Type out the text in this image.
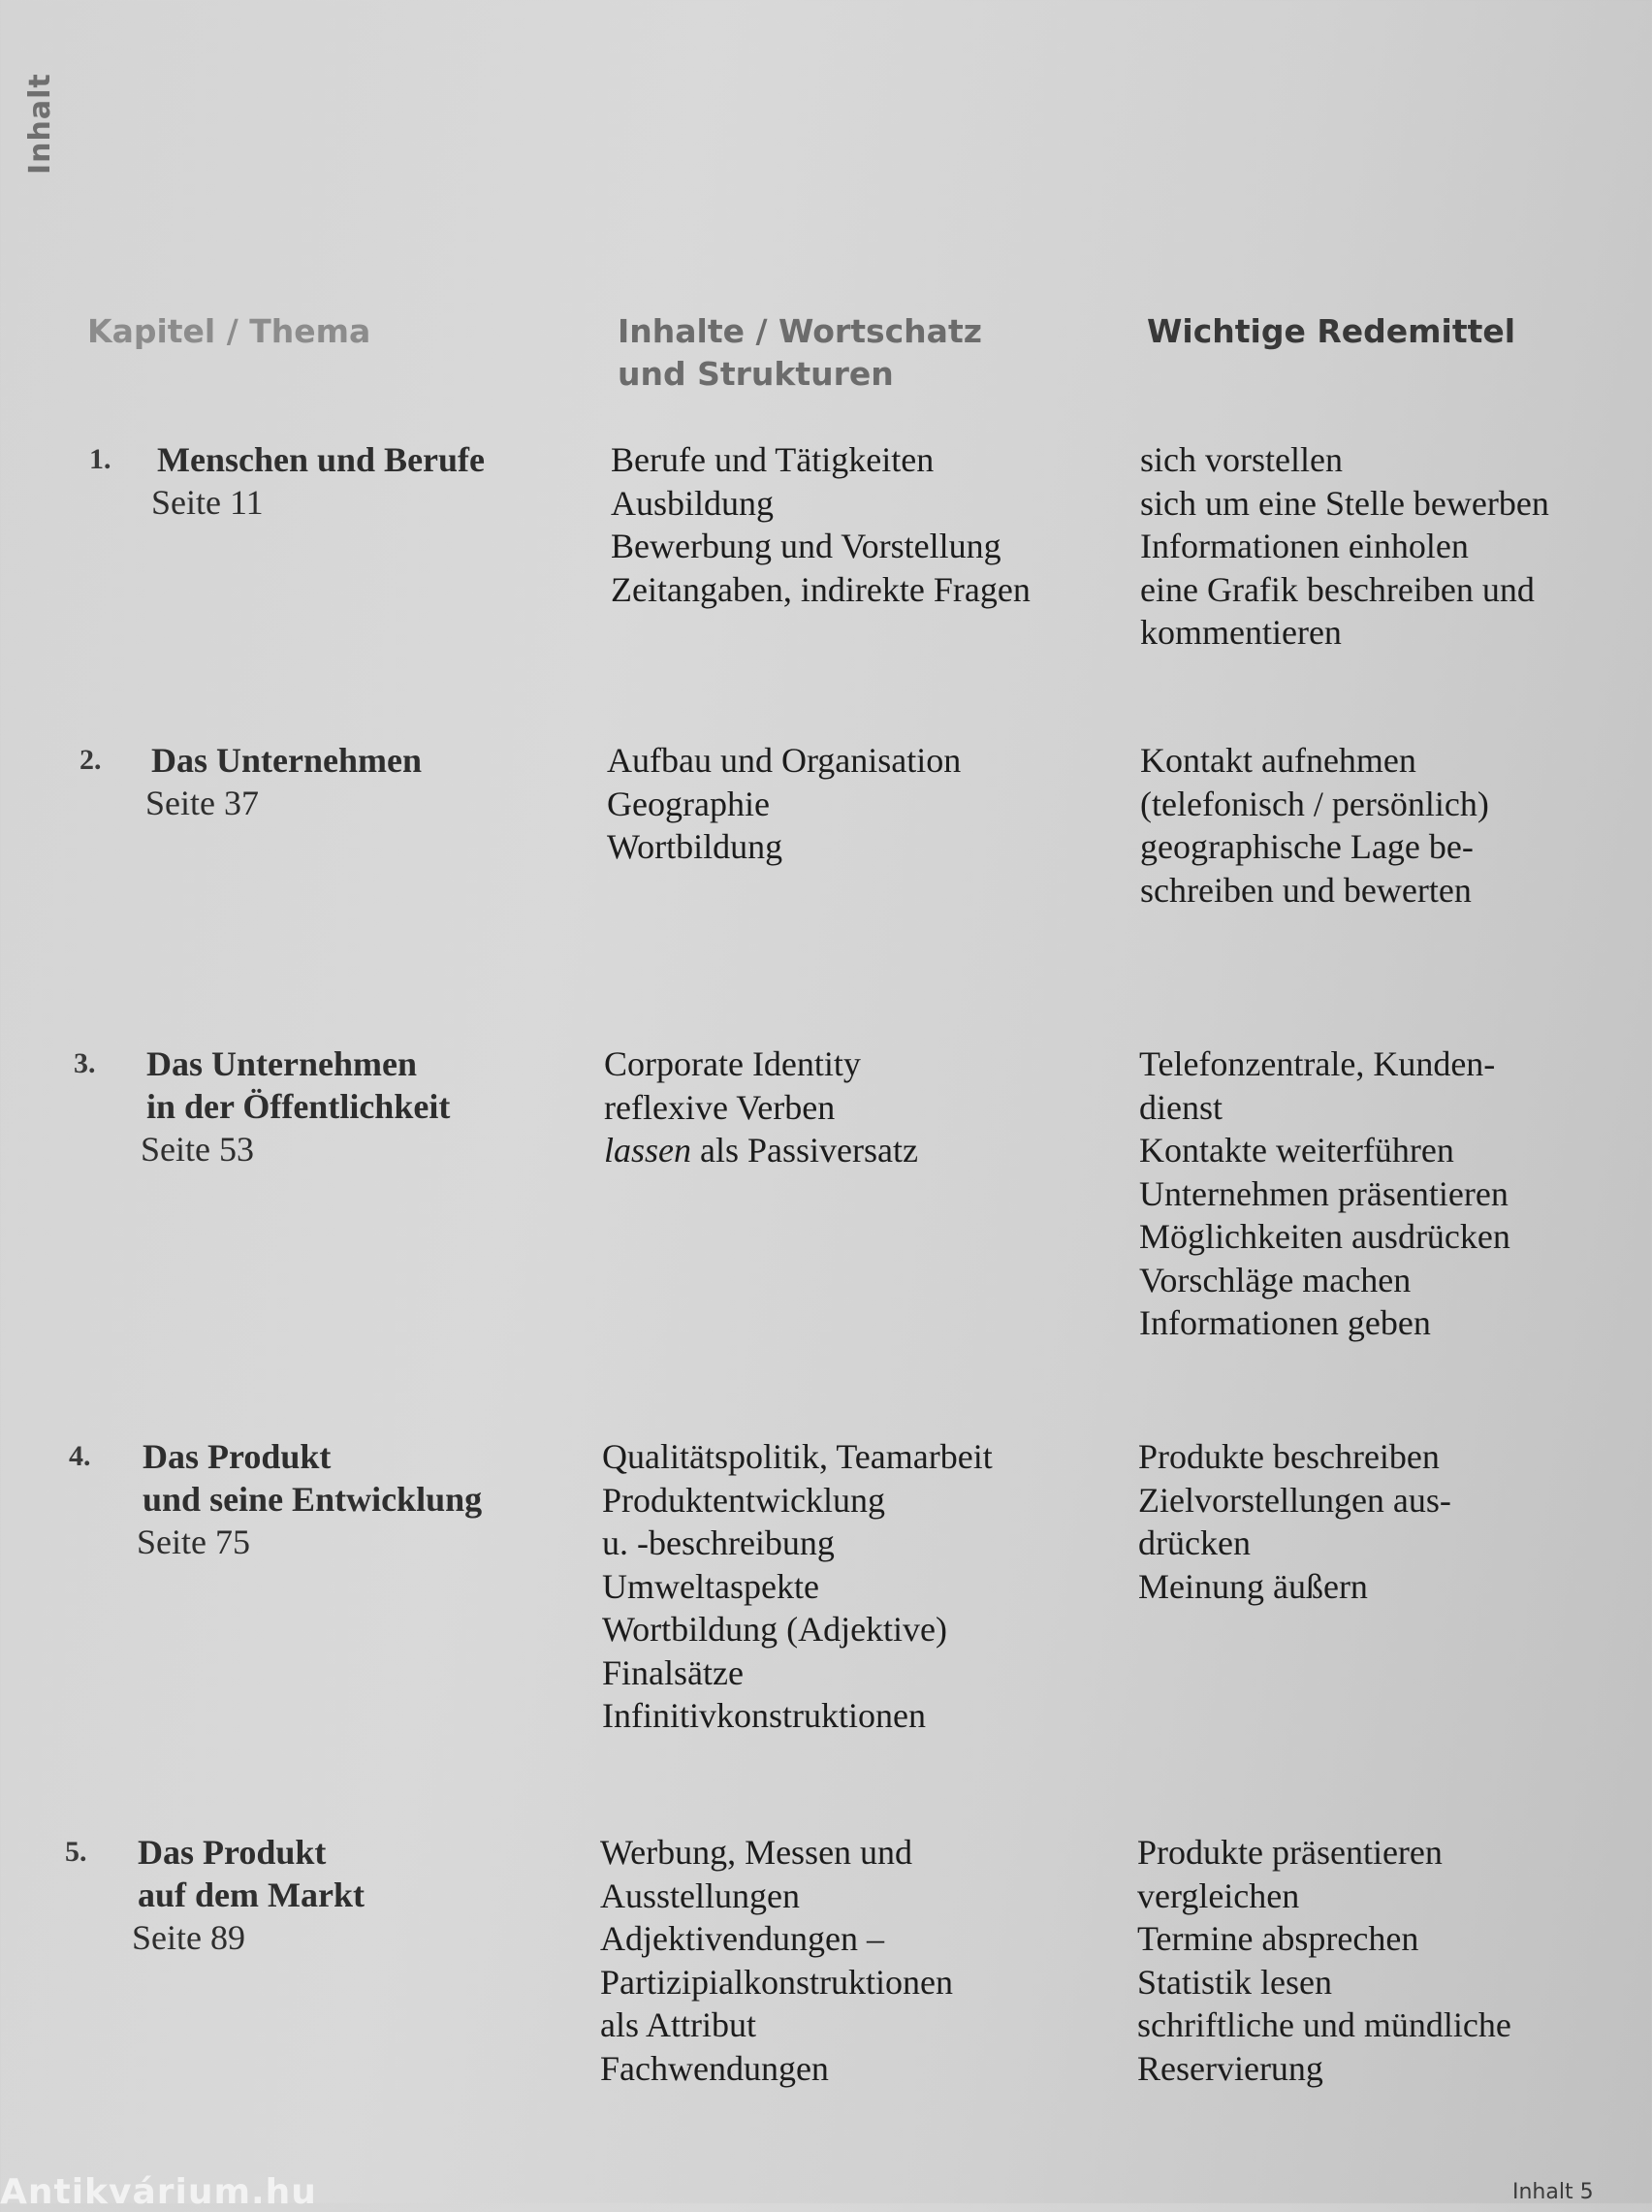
Inhalt
Kapitel / Thema	Inhalte / Wortschatz
und Strukturen
Wichtige Redemittel
1. Menschen und Berufe
Seite 11
Berufe und Tätigkeiten
Ausbildung
Bewerbung und Vorstellung
Zeitangaben, indirekte Fragen
sich vorstellen
sich um eine Stelle bewerben
Informationen einholen
eine Grafik beschreiben und
kommentieren
2. Das Unternehmen
Seite 37
Aufbau und Organisation
Geographie
Wortbildung
Kontakt aufnehmen
(telefonisch / persönlich)
geographische Lage be-
schreiben und bewerten
3. Das Unternehmen
in der Öffentlichkeit
Seite 53
Corporate Identity
reflexive Verben
lassen als Passiversatz
Telefonzentrale, Kunden-
dienst
Kontakte weiterführen
Unternehmen präsentieren
Möglichkeiten ausdrücken
Vorschläge machen
Informationen geben
4. Das Produkt
und seine Entwicklung
Seite 75
Qualitätspolitik, Teamarbeit
Produktentwicklung
u. -beschreibung
Umweltaspekte
Wortbildung (Adjektive)
Finalsätze
Infinitivkonstruktionen
Produkte beschreiben
Zielvorstellungen aus-
drücken
Meinung äußern
5. Das Produkt
auf dem Markt
Seite 89
Werbung, Messen und
Ausstellungen
Adjektivendungen –
Partizipialkonstruktionen
als Attribut
Fachwendungen
Produkte präsentieren
vergleichen
Termine absprechen
Statistik lesen
schriftliche und mündliche
Reservierung
Antikvárium.hu	Inhalt 5
